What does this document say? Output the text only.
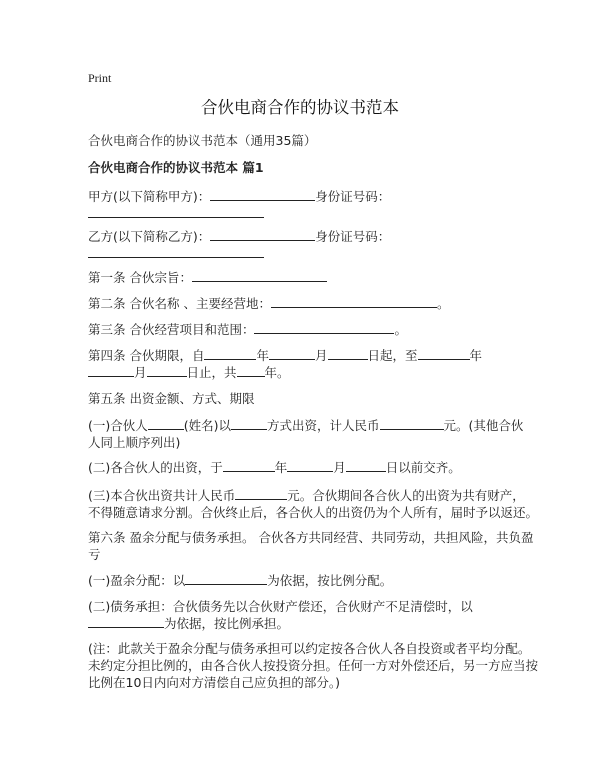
Print
合伙电商合作的协议书范本
合伙电商合作的协议书范本（通用35篇）
合伙电商合作的协议书范本 篇1
甲方(以下简称甲方)：	身份证号码：

乙方(以下简称乙方)：	身份证号码：

第一条 合伙宗旨：
第二条 合伙名称 、主要经营地：	。
第三条 合伙经营项目和范围：	。
第四条 合伙期限，自	年	月	日起，至	年
月	日止，共 年。
第五条 出资金额、方式、期限
(一)合伙人	(姓名)以	方式出资，计人民币	元。(其他合伙
人同上顺序列出)
(二)各合伙人的出资，于	年	月	日以前交齐。
(三)本合伙出资共计人民币	元。合伙期间各合伙人的出资为共有财产，
不得随意请求分割。合伙终止后，各合伙人的出资仍为个人所有，届时予以返还。
第六条 盈余分配与债务承担。 合伙各方共同经营、共同劳动，共担风险，共负盈
亏
(一)盈余分配：以	为依据，按比例分配。
(二)债务承担：合伙债务先以合伙财产偿还，合伙财产不足清偿时，以
为依据，按比例承担。
(注：此款关于盈余分配与债务承担可以约定按各合伙人各自投资或者平均分配。
未约定分担比例的，由各合伙人按投资分担。任何一方对外偿还后，另一方应当按
比例在10日内向对方清偿自己应负担的部分。)
